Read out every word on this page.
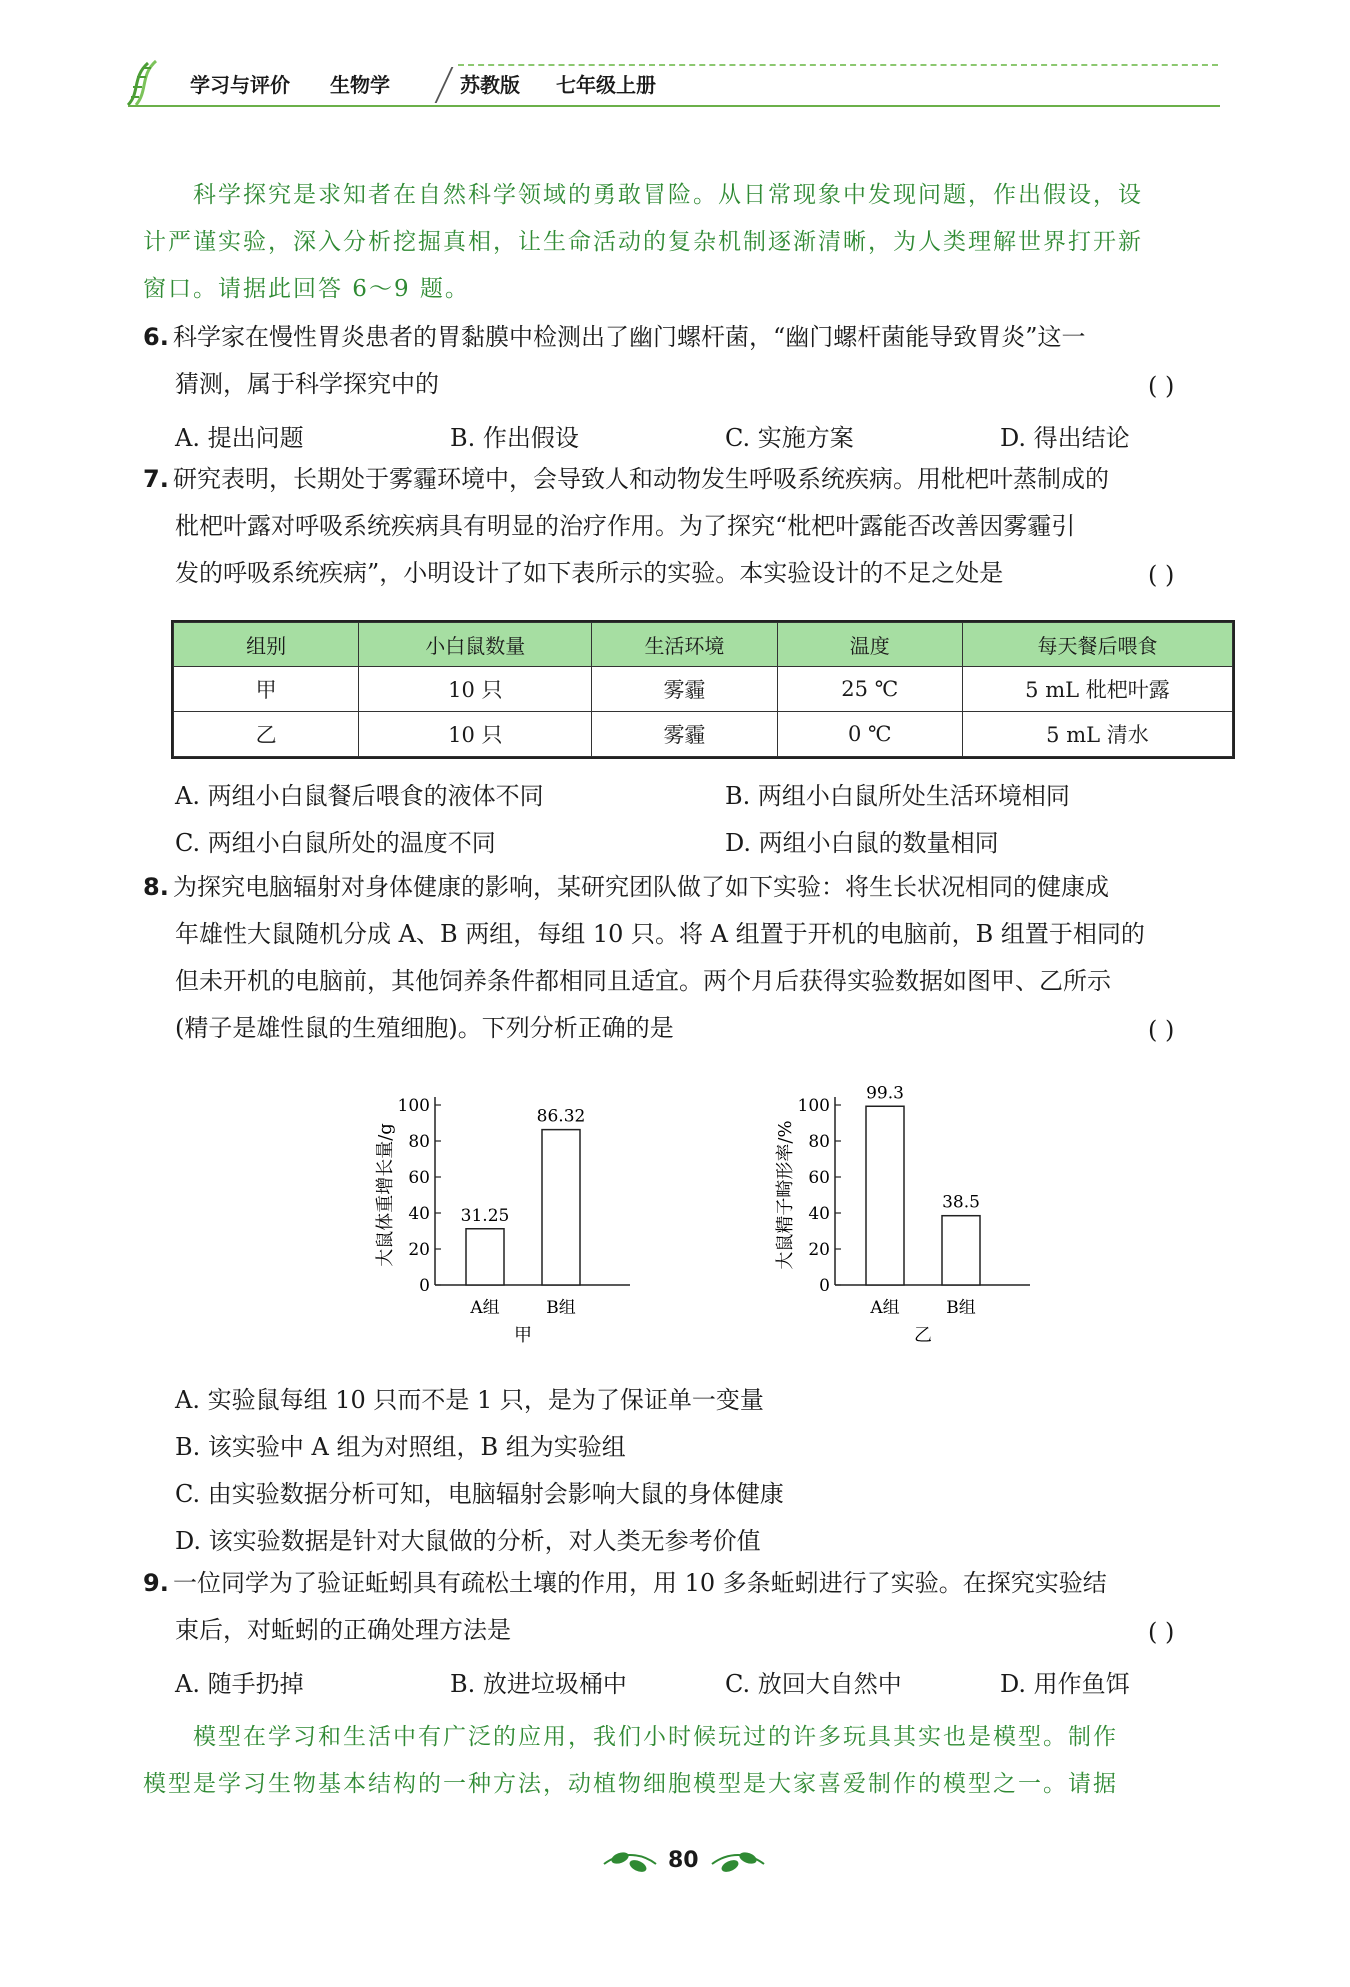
学习与评价 生物学	苏教版 七年级上册
科学探究是求知者在自然科学领域的勇敢冒险。从日常现象中发现问题，作出假设，设
计严谨实验，深入分析挖掘真相，让生命活动的复杂机制逐渐清晰，为人类理解世界打开新
窗口。请据此回答 6～9 题。
6. 科学家在慢性胃炎患者的胃黏膜中检测出了幽门螺杆菌，“幽门螺杆菌能导致胃炎”这一
猜测，属于科学探究中的	( )
A. 提出问题	B. 作出假设	C. 实施方案	D. 得出结论
7. 研究表明，长期处于雾霾环境中，会导致人和动物发生呼吸系统疾病。用枇杷叶蒸制成的
枇杷叶露对呼吸系统疾病具有明显的治疗作用。为了探究“枇杷叶露能否改善因雾霾引
发的呼吸系统疾病”，小明设计了如下表所示的实验。本实验设计的不足之处是	( )
组别	小白鼠数量	生活环境	温度	每天餐后喂食
甲	10 只	雾霾	25 ℃	5 mL 枇杷叶露
乙	10 只	雾霾	0 ℃	5 mL 清水
A. 两组小白鼠餐后喂食的液体不同	B. 两组小白鼠所处生活环境相同
C. 两组小白鼠所处的温度不同	D. 两组小白鼠的数量相同
8. 为探究电脑辐射对身体健康的影响，某研究团队做了如下实验：将生长状况相同的健康成
年雄性大鼠随机分成 A、B 两组，每组 10 只。将 A 组置于开机的电脑前，B 组置于相同的
但未开机的电脑前，其他饲养条件都相同且适宜。两个月后获得实验数据如图甲、乙所示
(精子是雄性鼠的生殖细胞)。下列分析正确的是	( )
0
20
40
60
80
100
大鼠体重增长量/g	31.25
A组
86.32
B组
甲
0
20
40
60
80
100
大鼠精子畸形率/%
99.3
A组
38.5
B组
乙
A. 实验鼠每组 10 只而不是 1 只，是为了保证单一变量
B. 该实验中 A 组为对照组，B 组为实验组
C. 由实验数据分析可知，电脑辐射会影响大鼠的身体健康
D. 该实验数据是针对大鼠做的分析，对人类无参考价值
9. 一位同学为了验证蚯蚓具有疏松土壤的作用，用 10 多条蚯蚓进行了实验。在探究实验结
束后，对蚯蚓的正确处理方法是	( )
A. 随手扔掉	B. 放进垃圾桶中	C. 放回大自然中	D. 用作鱼饵
模型在学习和生活中有广泛的应用，我们小时候玩过的许多玩具其实也是模型。制作
模型是学习生物基本结构的一种方法，动植物细胞模型是大家喜爱制作的模型之一。请据
80
